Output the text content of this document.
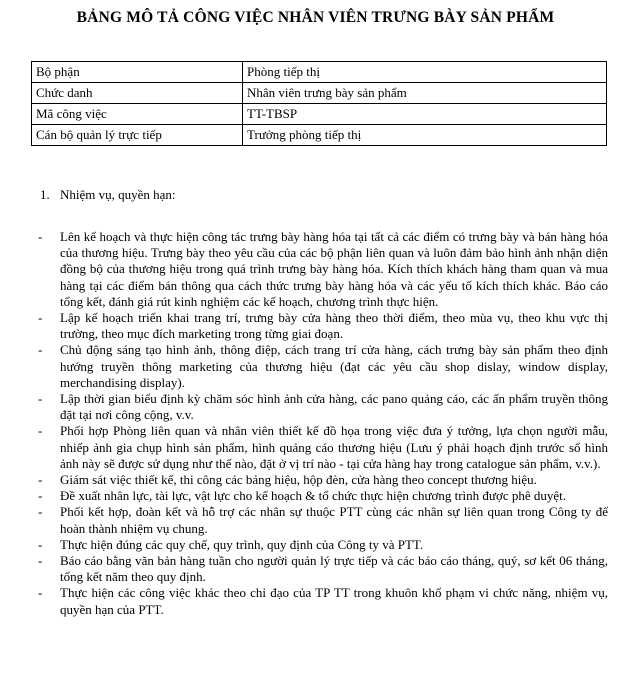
BẢNG MÔ TẢ CÔNG VIỆC NHÂN VIÊN TRƯNG BÀY SẢN PHẨM
Bộ phận	Phòng tiếp thị
Chức danh	Nhân viên trưng bày sản phẩm
Mã công việc	TT-TBSP
Cán bộ quản lý trực tiếp	Trưởng phòng tiếp thị
1. Nhiệm vụ, quyền hạn:
- Lên kế hoạch và thực hiện công tác trưng bày hàng hóa tại tất cả các điểm có trưng bày và bán hàng hóa của thương hiệu. Trưng bày theo yêu cầu của các bộ phận liên quan và luôn đảm bảo hình ảnh nhận diện đồng bộ của thương hiệu trong quá trình trưng bày hàng hóa. Kích thích khách hàng tham quan và mua hàng tại các điểm bán thông qua cách thức trưng bày hàng hóa và các yếu tố kích thích khác. Báo cáo tổng kết, đánh giá rút kinh nghiệm các kế hoạch, chương trình thực hiện.
- Lập kế hoạch triển khai trang trí, trưng bày cửa hàng theo thời điểm, theo mùa vụ, theo khu vực thị trường, theo mục đích marketing trong từng giai đoạn.
- Chủ động sáng tạo hình ảnh, thông điệp, cách trang trí cửa hàng, cách trưng bày sản phẩm theo định hướng truyền thông marketing của thương hiệu (đạt các yêu cầu shop dislay, window display, merchandising display).
- Lập thời gian biểu định kỳ chăm sóc hình ảnh cửa hàng, các pano quảng cáo, các ấn phẩm truyền thông đặt tại nơi công cộng, v.v.
- Phối hợp Phòng liên quan và nhân viên thiết kế đồ họa trong việc đưa ý tưởng, lựa chọn người mẫu, nhiếp ảnh gia chụp hình sản phẩm, hình quảng cáo thương hiệu (Lưu ý phải hoạch định trước số hình ảnh này sẽ được sử dụng như thế nào, đặt ở vị trí nào - tại cửa hàng hay trong catalogue sản phẩm, v.v.).
- Giám sát việc thiết kế, thi công các bảng hiệu, hộp đèn, cửa hàng theo concept thương hiệu.
- Đề xuất nhân lực, tài lực, vật lực cho kế hoạch & tổ chức thực hiện chương trình được phê duyệt.
- Phối kết hợp, đoàn kết và hỗ trợ các nhân sự thuộc PTT cùng các nhân sự liên quan trong Công ty để hoàn thành nhiệm vụ chung.
- Thực hiện đúng các quy chế, quy trình, quy định của Công ty và PTT.
- Báo cáo bằng văn bản hàng tuần cho người quản lý trực tiếp và các báo cáo tháng, quý, sơ kết 06 tháng, tổng kết năm theo quy định.
- Thực hiện các công việc khác theo chỉ đạo của TP TT trong khuôn khổ phạm vi chức năng, nhiệm vụ, quyền hạn của PTT.
